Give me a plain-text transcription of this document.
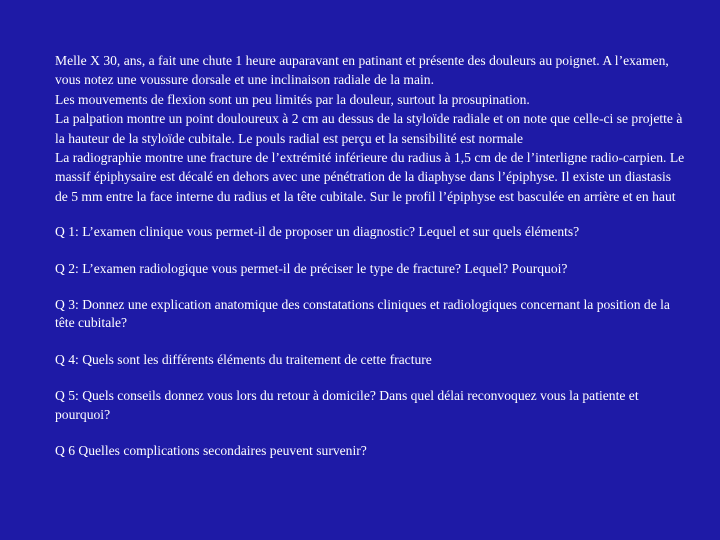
Melle X 30, ans, a fait une chute 1 heure auparavant en patinant et présente des douleurs au poignet. A l’examen, vous notez une voussure dorsale et une inclinaison radiale de la main.
Les mouvements de flexion sont un peu limités par la douleur, surtout la prosupination.
La palpation montre un point douloureux à 2 cm au dessus de la styloïde radiale et on note que celle-ci se projette à la hauteur de la styloïde cubitale. Le pouls radial est perçu et la sensibilité est normale
La radiographie montre une fracture de l’extrémité inférieure du radius à 1,5 cm de de l’interligne radio-carpien. Le massif épiphysaire est décalé en dehors avec une pénétration de la diaphyse dans l’épiphyse. Il existe un diastasis de 5 mm entre la face interne du radius et la tête cubitale. Sur le profil l’épiphyse est basculée en arrière et en haut

Q 1: L’examen clinique vous permet-il de proposer un diagnostic? Lequel et sur quels éléments?

Q 2: L’examen radiologique vous permet-il de préciser le type de fracture? Lequel? Pourquoi?

Q 3: Donnez une explication anatomique des constatations cliniques et radiologiques concernant la position de la tête cubitale?

Q 4: Quels sont les différents éléments du traitement de cette fracture

Q 5: Quels conseils donnez vous lors du retour à domicile? Dans quel délai reconvoquez vous la patiente et pourquoi?

Q 6 Quelles complications secondaires peuvent survenir?
